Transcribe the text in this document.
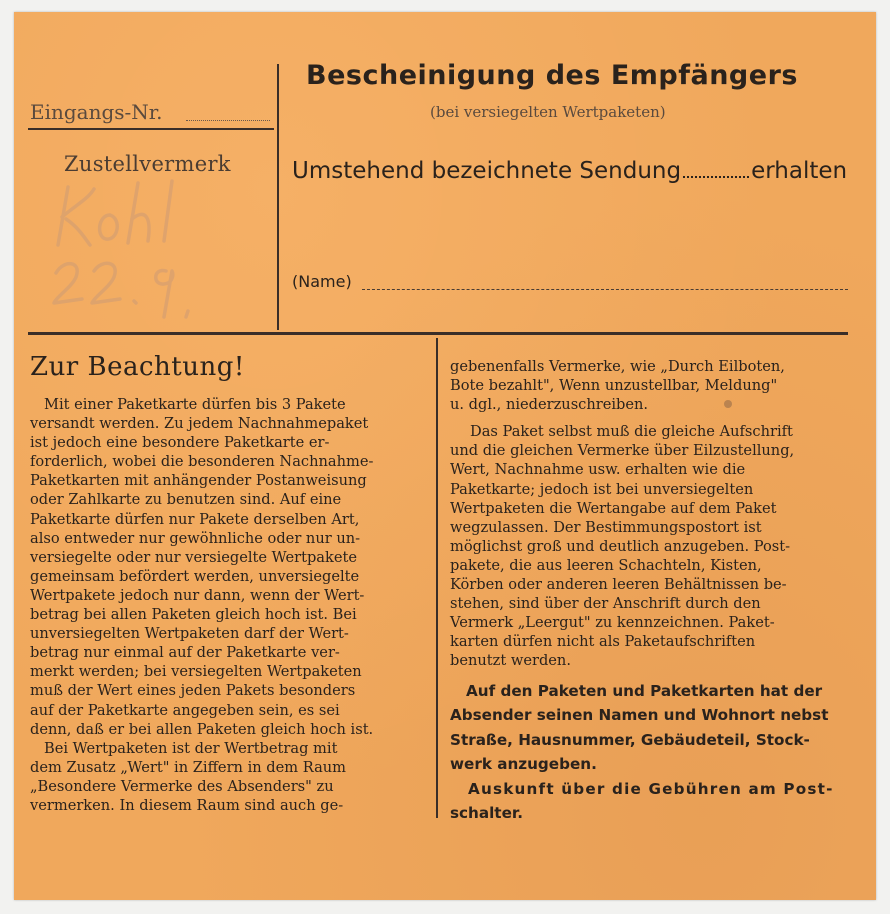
Bescheinigung des Empfängers
(bei versiegelten Wertpaketen)
Eingangs-Nr.
Zustellvermerk	Umstehend bezeichnete Sendung	erhalten
(Name)
Zur Beachtung!
Mit einer Paketkarte dürfen bis 3 Pakete
versandt werden. Zu jedem Nachnahmepaket
ist jedoch eine besondere Paketkarte er-
forderlich, wobei die besonderen Nachnahme-
Paketkarten mit anhängender Postanweisung
oder Zahlkarte zu benutzen sind. Auf eine
Paketkarte dürfen nur Pakete derselben Art,
also entweder nur gewöhnliche oder nur un-
versiegelte oder nur versiegelte Wertpakete
gemeinsam befördert werden, unversiegelte
Wertpakete jedoch nur dann, wenn der Wert-
betrag bei allen Paketen gleich hoch ist. Bei
unversiegelten Wertpaketen darf der Wert-
betrag nur einmal auf der Paketkarte ver-
merkt werden; bei versiegelten Wertpaketen
muß der Wert eines jeden Pakets besonders
auf der Paketkarte angegeben sein, es sei
denn, daß er bei allen Paketen gleich hoch ist.
Bei Wertpaketen ist der Wertbetrag mit
dem Zusatz „Wert" in Ziffern in dem Raum
„Besondere Vermerke des Absenders" zu
vermerken. In diesem Raum sind auch ge-
gebenenfalls Vermerke, wie „Durch Eilboten,
Bote bezahlt", Wenn unzustellbar, Meldung"
u. dgl., niederzuschreiben.
Das Paket selbst muß die gleiche Aufschrift
und die gleichen Vermerke über Eilzustellung,
Wert, Nachnahme usw. erhalten wie die
Paketkarte; jedoch ist bei unversiegelten
Wertpaketen die Wertangabe auf dem Paket
wegzulassen. Der Bestimmungspostort ist
möglichst groß und deutlich anzugeben. Post-
pakete, die aus leeren Schachteln, Kisten,
Körben oder anderen leeren Behältnissen be-
stehen, sind über der Anschrift durch den
Vermerk „Leergut" zu kennzeichnen. Paket-
karten dürfen nicht als Paketaufschriften
benutzt werden.
Auf den Paketen und Paketkarten hat der
Absender seinen Namen und Wohnort nebst
Straße, Hausnummer, Gebäudeteil, Stock-
werk anzugeben.
Auskunft über die Gebühren am Post-
schalter.
